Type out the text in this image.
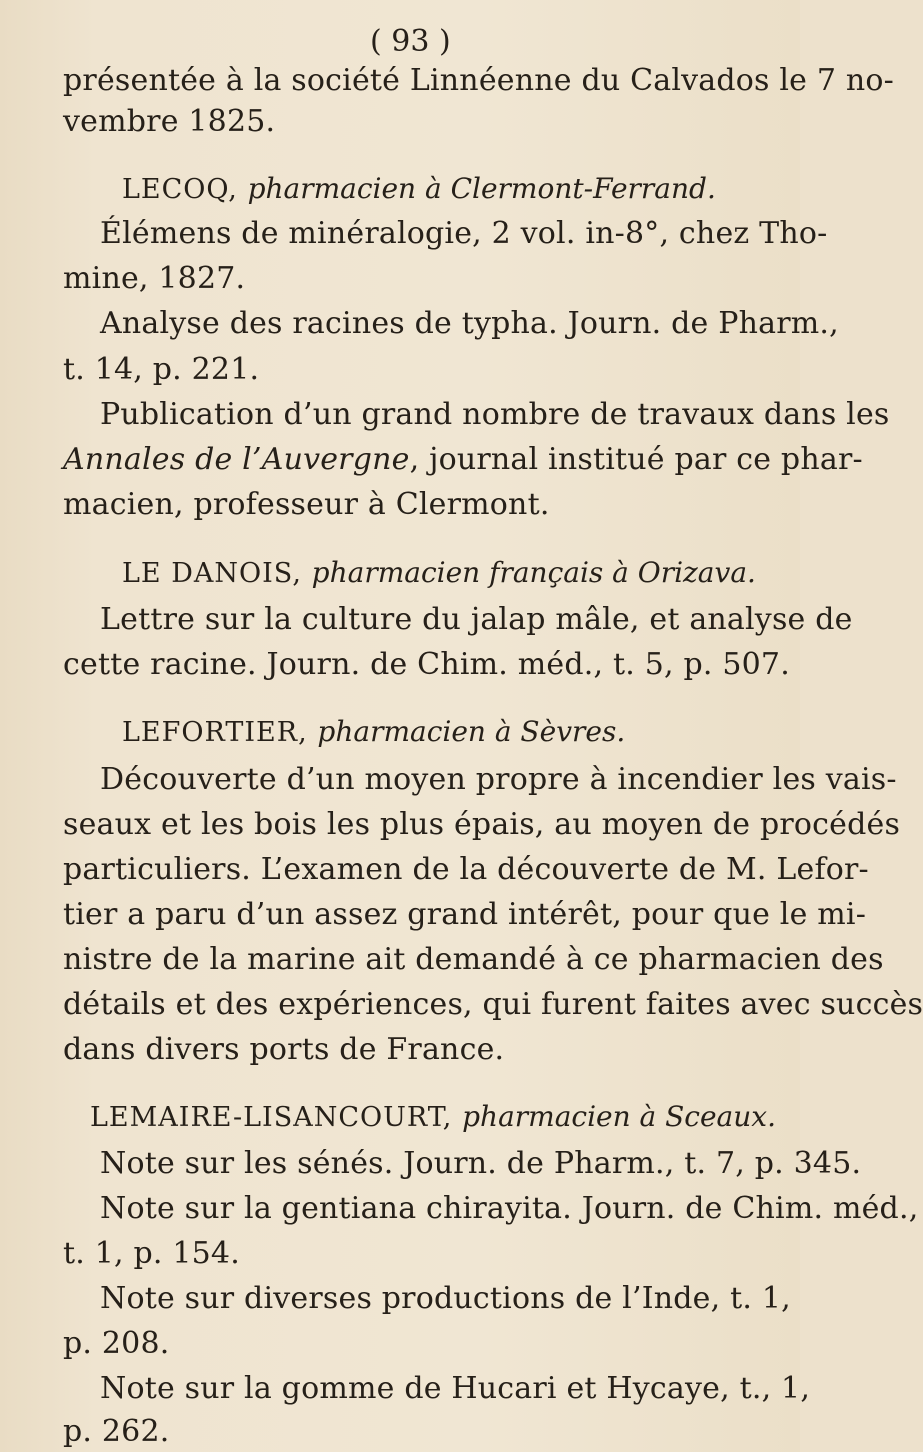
( 93 )
présentée à la société Linnéenne du Calvados le 7 no-
vembre 1825.
LECOQ, pharmacien à Clermont-Ferrand.
Élémens de minéralogie, 2 vol. in-8°, chez Tho-
mine, 1827.
Analyse des racines de typha. Journ. de Pharm.,
t. 14, p. 221.
Publication d’un grand nombre de travaux dans les
Annales de l’Auvergne, journal institué par ce phar-
macien, professeur à Clermont.
LE DANOIS, pharmacien français à Orizava.
Lettre sur la culture du jalap mâle, et analyse de
cette racine. Journ. de Chim. méd., t. 5, p. 507.
LEFORTIER, pharmacien à Sèvres.
Découverte d’un moyen propre à incendier les vais-
seaux et les bois les plus épais, au moyen de procédés
particuliers. L’examen de la découverte de M. Lefor-
tier a paru d’un assez grand intérêt, pour que le mi-
nistre de la marine ait demandé à ce pharmacien des
détails et des expériences, qui furent faites avec succès
dans divers ports de France.
LEMAIRE-LISANCOURT, pharmacien à Sceaux.
Note sur les sénés. Journ. de Pharm., t. 7, p. 345.
Note sur la gentiana chirayita. Journ. de Chim. méd.,
t. 1, p. 154.
Note sur diverses productions de l’Inde, t. 1,
p. 208.
Note sur la gomme de Hucari et Hycaye, t., 1,
p. 262.
